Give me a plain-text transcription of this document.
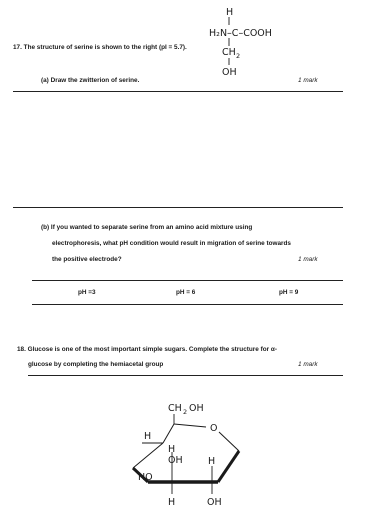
H
H₂N–C–COOH
CH 2
OH
17. The structure of serine is shown to the right (pI = 5.7).
(a) Draw the zwitterion of serine.	1 mark
(b) If you wanted to separate serine from an amino acid mixture using
electrophoresis, what pH condition would result in migration of serine towards
the positive electrode?	1 mark
pH =3	pH = 6	pH = 9
18. Glucose is one of the most important simple sugars. Complete the structure for α-
glucose by completing the hemiacetal group	1 mark
CH 2 OH
O
H
H
OH	H
HO
H	OH
